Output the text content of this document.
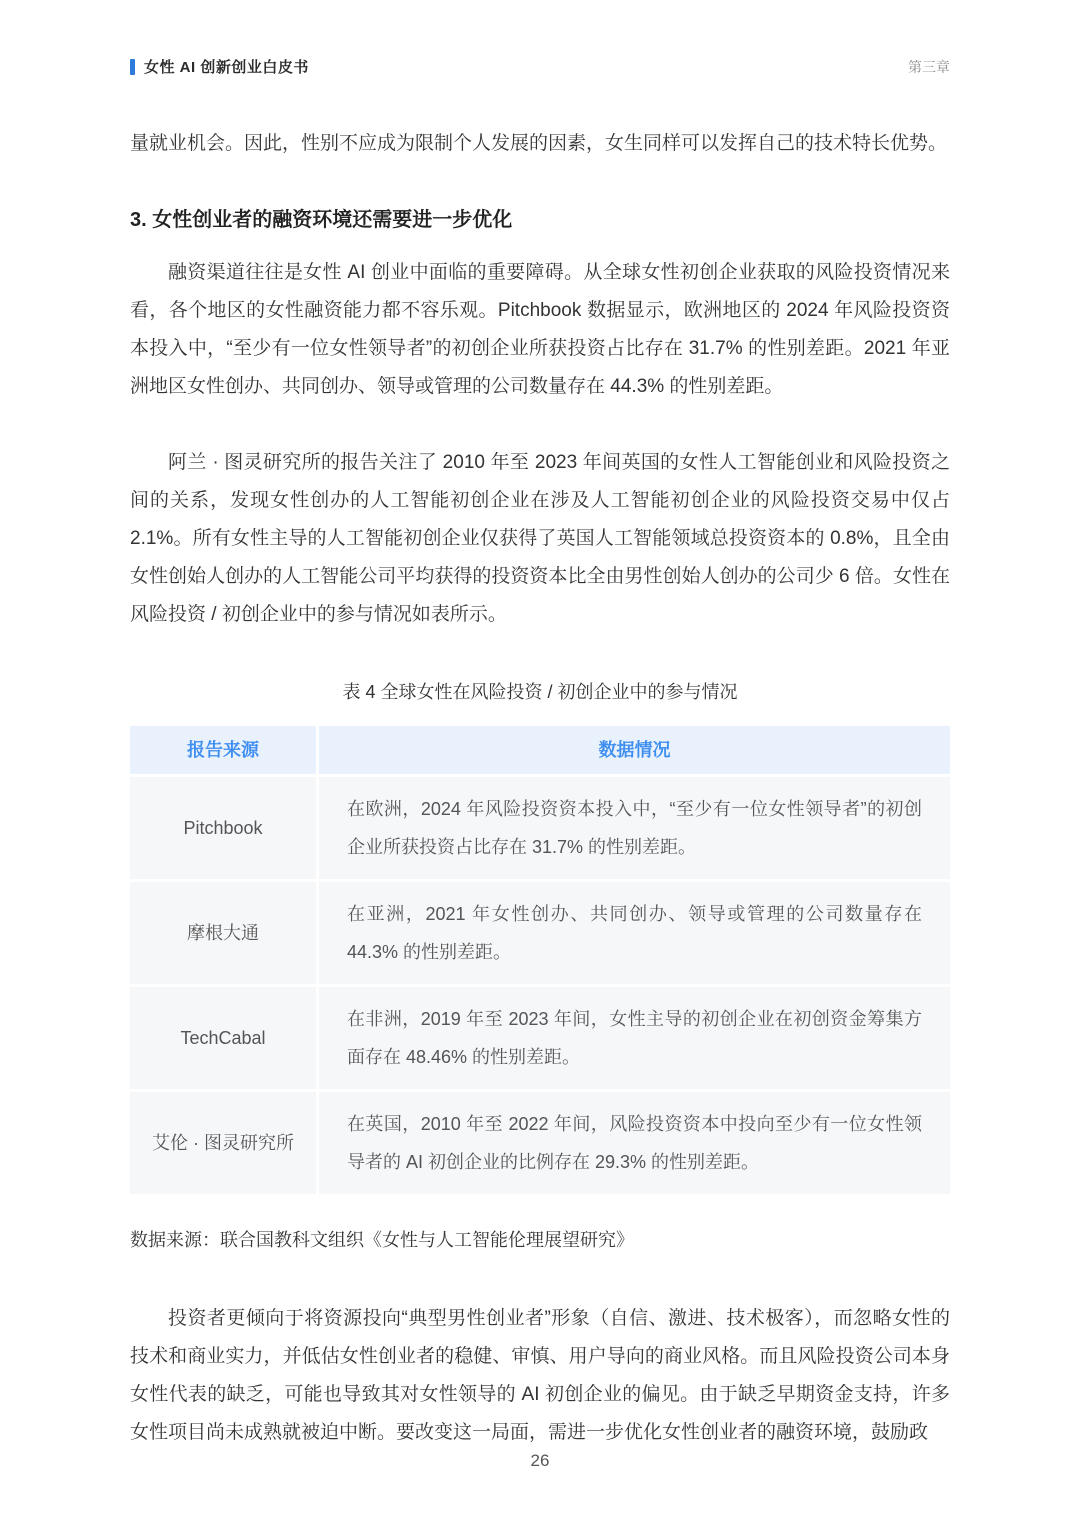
女性 AI 创新创业白皮书	第三章

量就业机会。因此，性别不应成为限制个人发展的因素，女生同样可以发挥自己的技术特长优势。

3. 女性创业者的融资环境还需要进一步优化

融资渠道往往是女性 AI 创业中面临的重要障碍。从全球女性初创企业获取的风险投资情况来看，各个地区的女性融资能力都不容乐观。Pitchbook 数据显示，欧洲地区的 2024 年风险投资资本投入中，“至少有一位女性领导者”的初创企业所获投资占比存在 31.7% 的性别差距。2021 年亚洲地区女性创办、共同创办、领导或管理的公司数量存在 44.3% 的性别差距。

阿兰 · 图灵研究所的报告关注了 2010 年至 2023 年间英国的女性人工智能创业和风险投资之间的关系，发现女性创办的人工智能初创企业在涉及人工智能初创企业的风险投资交易中仅占 2.1%。所有女性主导的人工智能初创企业仅获得了英国人工智能领域总投资资本的 0.8%，且全由女性创始人创办的人工智能公司平均获得的投资资本比全由男性创始人创办的公司少 6 倍。女性在风险投资 / 初创企业中的参与情况如表所示。

表 4 全球女性在风险投资 / 初创企业中的参与情况
报告来源	数据情况
Pitchbook
在欧洲，2024 年风险投资资本投入中，“至少有一位女性领导者”的初创企业所获投资占比存在 31.7% 的性别差距。
摩根大通
在亚洲，2021 年女性创办、共同创办、领导或管理的公司数量存在 44.3% 的性别差距。
TechCabal
在非洲，2019 年至 2023 年间，女性主导的初创企业在初创资金筹集方面存在 48.46% 的性别差距。
艾伦 · 图灵研究所
在英国，2010 年至 2022 年间，风险投资资本中投向至少有一位女性领导者的 AI 初创企业的比例存在 29.3% 的性别差距。

数据来源：联合国教科文组织《女性与人工智能伦理展望研究》

投资者更倾向于将资源投向“典型男性创业者”形象（自信、激进、技术极客），而忽略女性的技术和商业实力，并低估女性创业者的稳健、审慎、用户导向的商业风格。而且风险投资公司本身女性代表的缺乏，可能也导致其对女性领导的 AI 初创企业的偏见。由于缺乏早期资金支持，许多女性项目尚未成熟就被迫中断。要改变这一局面，需进一步优化女性创业者的融资环境，鼓励政

26
